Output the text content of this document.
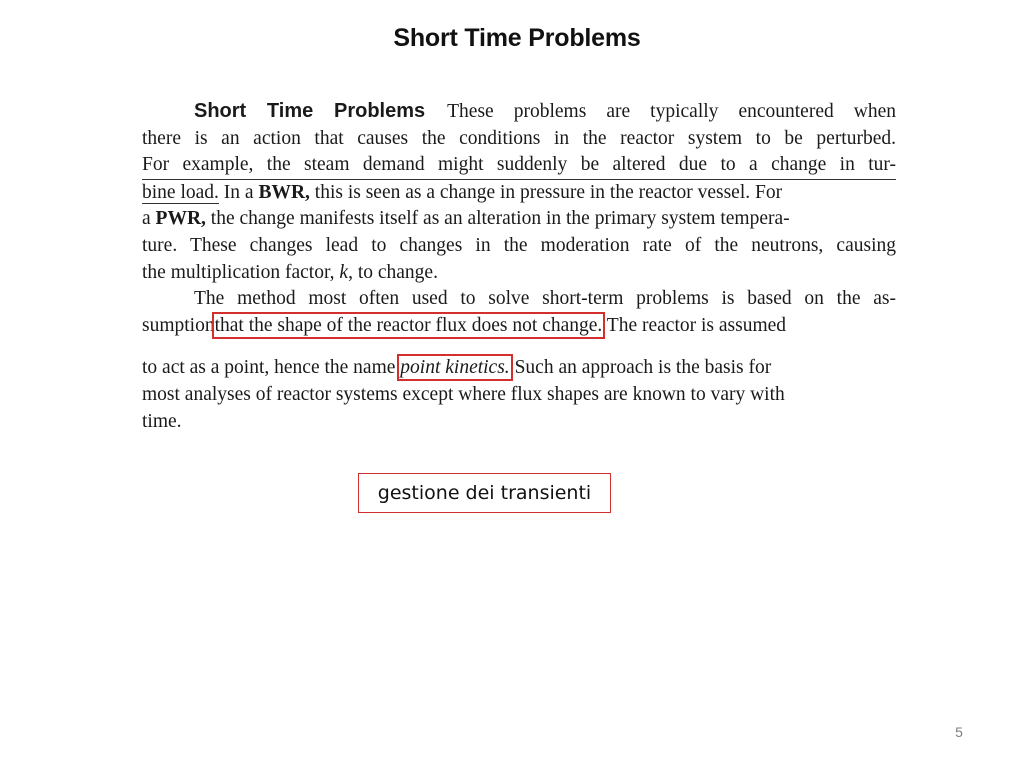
Short Time Problems
Short Time Problems These problems are typically encountered when
there is an action that causes the conditions in the reactor system to be perturbed.
For example, the steam demand might suddenly be altered due to a change in tur-
bine load. In a BWR, this is seen as a change in pressure in the reactor vessel. For
a PWR, the change manifests itself as an alteration in the primary system tempera-
ture. These changes lead to changes in the moderation rate of the neutrons, causing
the multiplication factor, k, to change.
The method most often used to solve short-term problems is based on the as-
sumptionthat the shape of the reactor flux does not change. The reactor is assumed
to act as a point, hence the name point kinetics. Such an approach is the basis for
most analyses of reactor systems except where flux shapes are known to vary with
time.
gestione dei transienti
5
